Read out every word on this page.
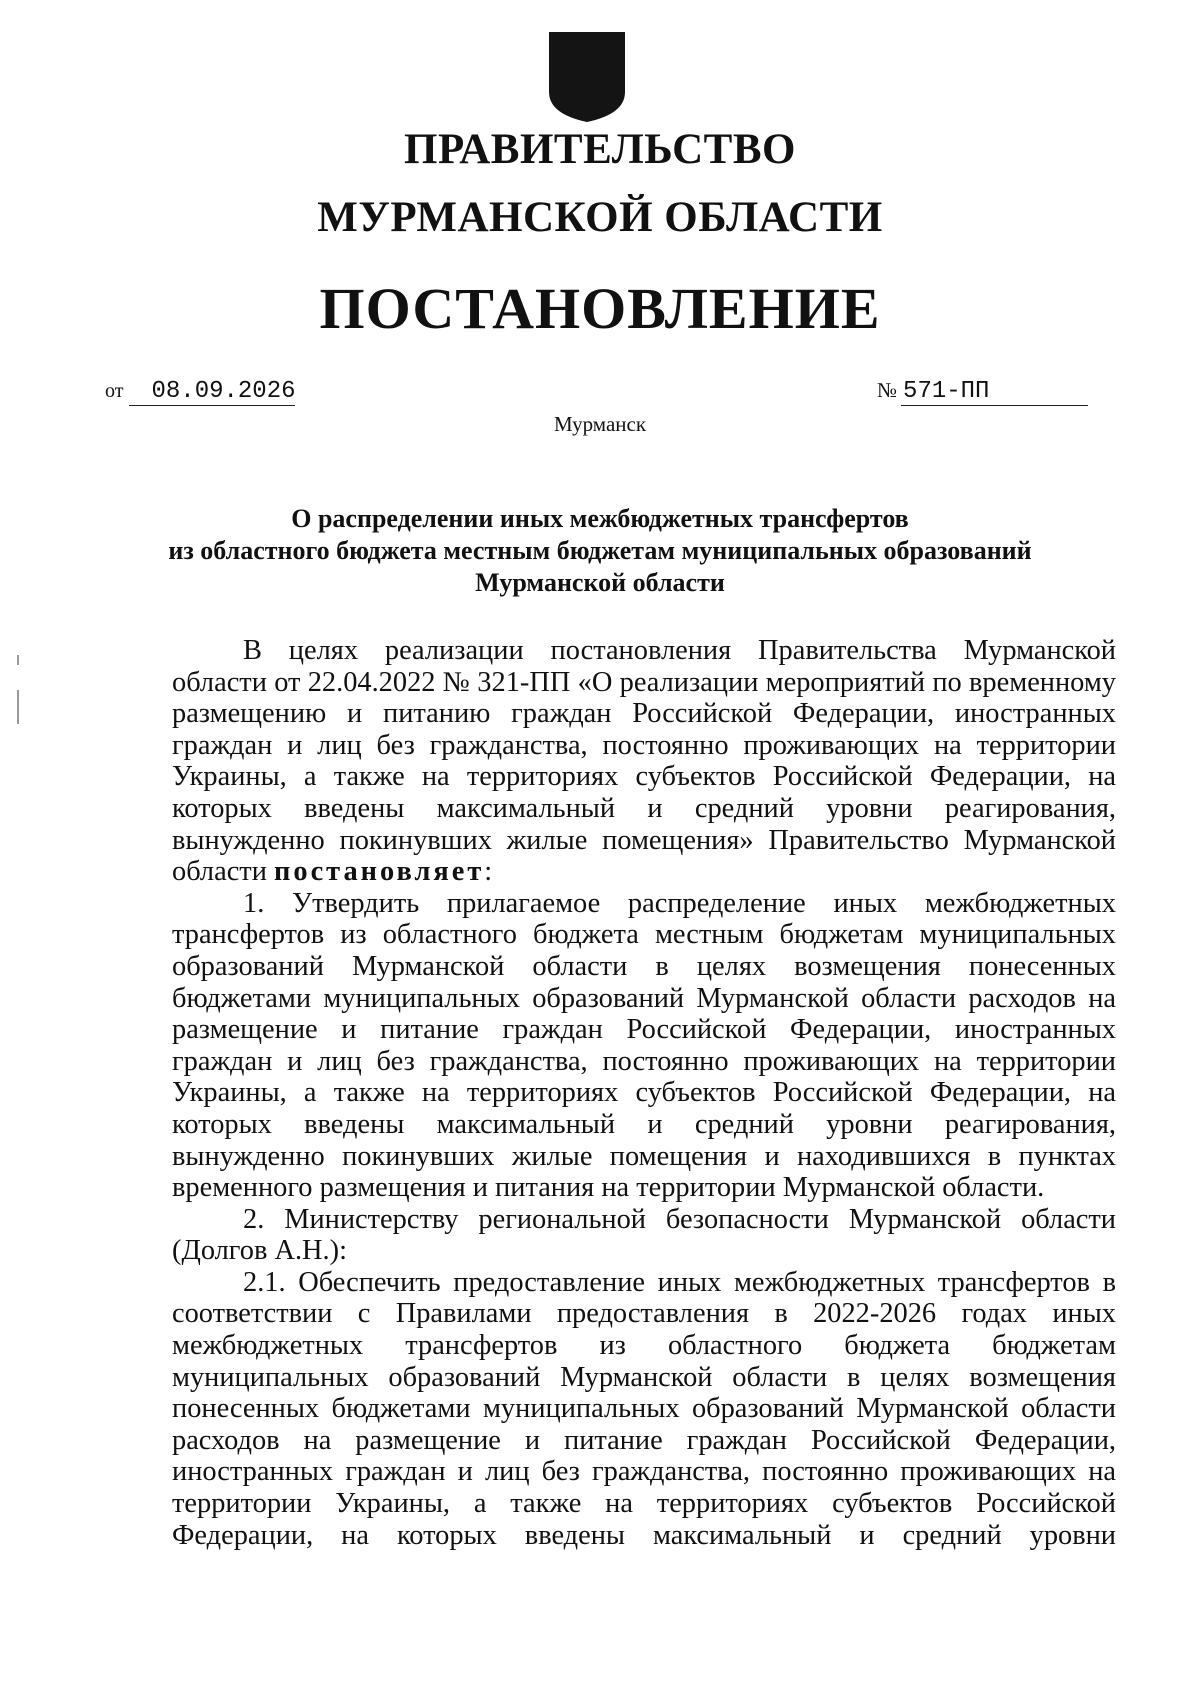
ПРАВИТЕЛЬСТВО
МУРМАНСКОЙ ОБЛАСТИ
ПОСТАНОВЛЕНИЕ
от	08.09.2026	№ 571-ПП
Мурманск
О распределении иных межбюджетных трансфертов
из областного бюджета местным бюджетам муниципальных образований
Мурманской области

В целях реализации постановления Правительства Мурманской области от 22.04.2022 № 321-ПП «О реализации мероприятий по временному размещению и питанию граждан Российской Федерации, иностранных граждан и лиц без гражданства, постоянно проживающих на территории Украины, а также на территориях субъектов Российской Федерации, на которых введены максимальный и средний уровни реагирования, вынужденно покинувших жилые помещения» Правительство Мурманской области постановляет:

1. Утвердить прилагаемое распределение иных межбюджетных трансфертов из областного бюджета местным бюджетам муниципальных образований Мурманской области в целях возмещения понесенных бюджетами муниципальных образований Мурманской области расходов на размещение и питание граждан Российской Федерации, иностранных граждан и лиц без гражданства, постоянно проживающих на территории Украины, а также на территориях субъектов Российской Федерации, на которых введены максимальный и средний уровни реагирования, вынужденно покинувших жилые помещения и находившихся в пунктах временного размещения и питания на территории Мурманской области.

2. Министерству региональной безопасности Мурманской области (Долгов А.Н.):

2.1. Обеспечить предоставление иных межбюджетных трансфертов в соответствии с Правилами предоставления в 2022-2026 годах иных межбюджетных трансфертов из областного бюджета бюджетам муниципальных образований Мурманской области в целях возмещения понесенных бюджетами муниципальных образований Мурманской области расходов на размещение и питание граждан Российской Федерации, иностранных граждан и лиц без гражданства, постоянно проживающих на территории Украины, а также на территориях субъектов Российской Федерации, на которых введены максимальный и средний уровни
